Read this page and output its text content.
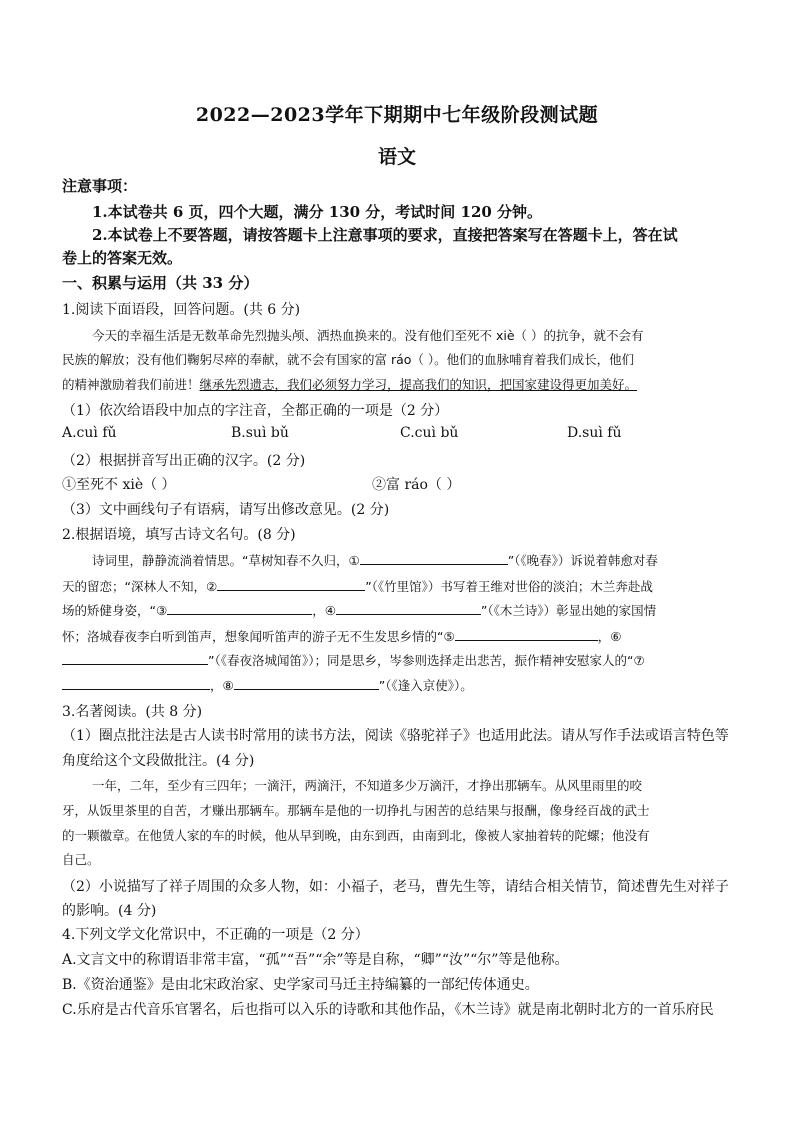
2022—2023学年下期期中七年级阶段测试题
语文
注意事项：
1.本试卷共 6 页，四个大题，满分 130 分，考试时间 120 分钟。
2.本试卷上不要答题，请按答题卡上注意事项的要求，直接把答案写在答题卡上，答在试
卷上的答案无效。
一、积累与运用（共 33 分）
1.阅读下面语段，回答问题。(共 6 分)
今天的幸福生活是无数革命先烈抛头颅、洒热血换来的。没有他们至死不 xiè（ ）的抗争，就不会有
民族的解放；没有他们鞠躬尽瘁的奉献，就不会有国家的富 ráo（ ）。他们的血脉哺育着我们成长，他们
的精神激励着我们前进！继承先烈遗志，我们必须努力学习，提高我们的知识，把国家建设得更加美好。
（1）依次给语段中加点的字注音，全都正确的一项是（2 分）
A.cuì fǔ	B.suì bǔ	C.cuì bǔ	D.suì fǔ
（2）根据拼音写出正确的汉字。(2 分)
①至死不 xiè（ ）	②富 ráo（ ）
（3）文中画线句子有语病，请写出修改意见。(2 分)
2.根据语境，填写古诗文名句。(8 分)
诗词里，静静流淌着情思。“草树知春不久归，①	”（《晚春》）诉说着韩愈对春
天的留恋；“深林人不知，②	”（《竹里馆》）书写着王维对世俗的淡泊；木兰奔赴战
场的矫健身姿，“③	，④	”（《木兰诗》）彰显出她的家国情
怀；洛城春夜李白听到笛声，想象闻听笛声的游子无不生发思乡情的“⑤	，⑥
”（《春夜洛城闻笛》）；同是思乡，岑参则选择走出悲苦，振作精神安慰家人的“⑦
，⑧	”（《逢入京使》）。
3.名著阅读。(共 8 分)
（1）圈点批注法是古人读书时常用的读书方法，阅读《骆驼祥子》也适用此法。请从写作手法或语言特色等
角度给这个文段做批注。(4 分)
一年，二年，至少有三四年；一滴汗，两滴汗，不知道多少万滴汗，才挣出那辆车。从风里雨里的咬
牙，从饭里茶里的自苦，才赚出那辆车。那辆车是他的一切挣扎与困苦的总结果与报酬，像身经百战的武士
的一颗徽章。在他赁人家的车的时候，他从早到晚，由东到西，由南到北，像被人家抽着转的陀螺；他没有
自己。
（2）小说描写了祥子周围的众多人物，如：小福子，老马，曹先生等，请结合相关情节，简述曹先生对祥子
的影响。(4 分)
4.下列文学文化常识中，不正确的一项是（2 分）
A.文言文中的称谓语非常丰富，“孤”“吾”“余”等是自称，“卿”“汝”“尔”等是他称。
B.《资治通鉴》是由北宋政治家、史学家司马迁主持编纂的一部纪传体通史。
C.乐府是古代音乐官署名，后也指可以入乐的诗歌和其他作品，《木兰诗》就是南北朝时北方的一首乐府民
